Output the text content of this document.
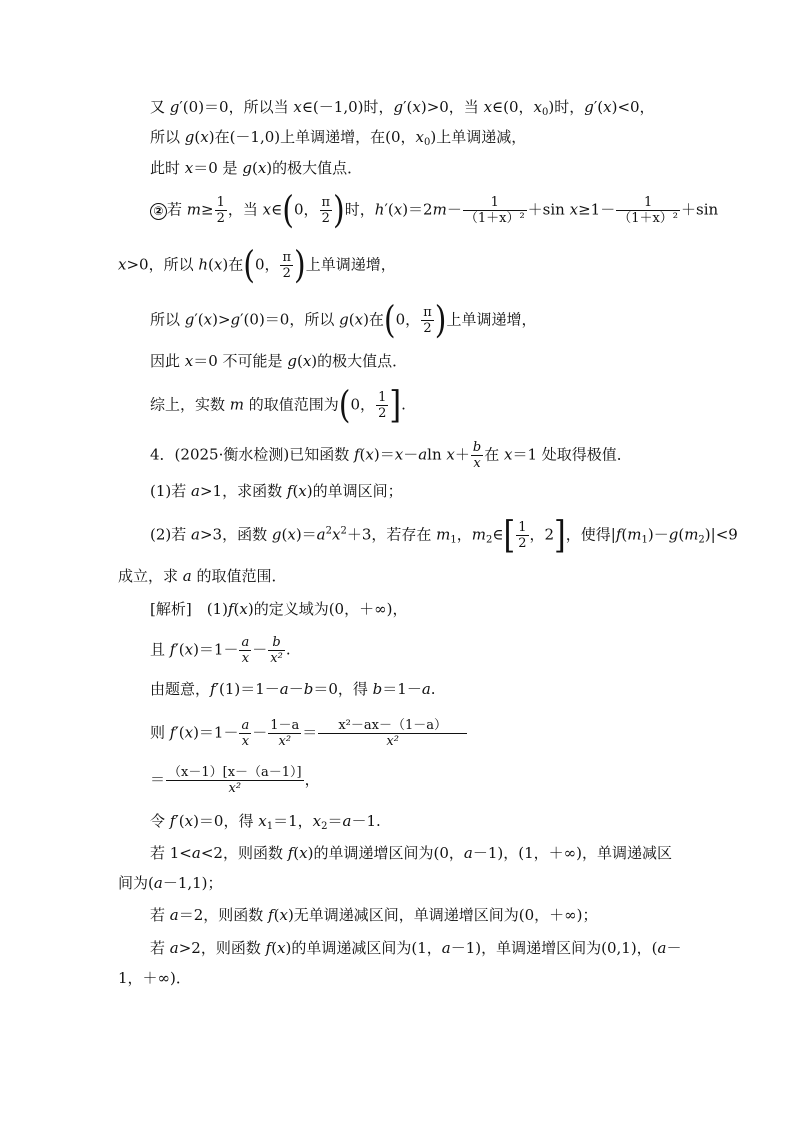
又 g′(0)＝0，所以当 x∈(－1,0)时，g′(x)>0，当 x∈(0，$x_0$)时，g′(x)<0，
所以 g(x)在(－1,0)上单调递增，在(0，$x_0$)上单调递减，
此时 x＝0 是 g(x)的极大值点．
② 若 $m\ge \frac{1}{2}$ ，当 x∈(0， $\frac{\pi}{2}$ )时，$h'(x)=2m- \frac{1}{\text{（1＋x）²}} +\sin$ $x\ge 1- \frac{1}{\text{（1＋x）²}} +\sin$
x>0，所以 h(x)在(0， $\frac{\pi}{2}$ )上单调递增，
所以 g′(x)>g′(0)＝0，所以 g(x)在(0， $\frac{\pi}{2}$ )上单调递增，
因此 x＝0 不可能是 g(x)的极大值点．
综上，实数 m 的取值范围为(0， $\frac{1}{2}$ ].
4．(2025·衡水检测)已知函数 f(x)＝x－aln $x+ \frac{b}{x}$ 在 x＝1 处取得极值．
(1)若 a>1，求函数 f(x)的单调区间；
(2)若 a>3，函数 $g(x)=a^2x^2+3$，若存在 $m_1$，$m_2\in[ \frac{1}{2}$ ，2]，使得$|f(m_1)-g(m_2)|<9$
成立，求 a 的取值范围．
[解析]　(1)f(x)的定义域为(0，＋∞)，
且 $f'(x)=1- \frac{a}{x} - \frac{b}{\text{x²}}$ .
由题意，f′(1)＝1－a－b＝0，得 b＝1－a.
则 $f'(x)=1- \frac{a}{x} - \frac{1-a}{\text{x²}} = \frac{\text{x²－ax－（1－a）}}{\text{x²}}$
＝ $\frac{(x-1)[x-(a-1)]}{\text{x²}}$ ，
令 f′(x)＝0，得 $x_1=1$，$x_2=a-1$.
若 1<a<2，则函数 f(x)的单调递增区间为(0，a－1)，(1，＋∞)，单调递减区
间为(a－1,1)；
若 a＝2，则函数 f(x)无单调递减区间，单调递增区间为(0，＋∞)；
若 a>2，则函数 f(x)的单调递减区间为(1，a－1)，单调递增区间为(0,1)，(a－
1，＋∞)．
